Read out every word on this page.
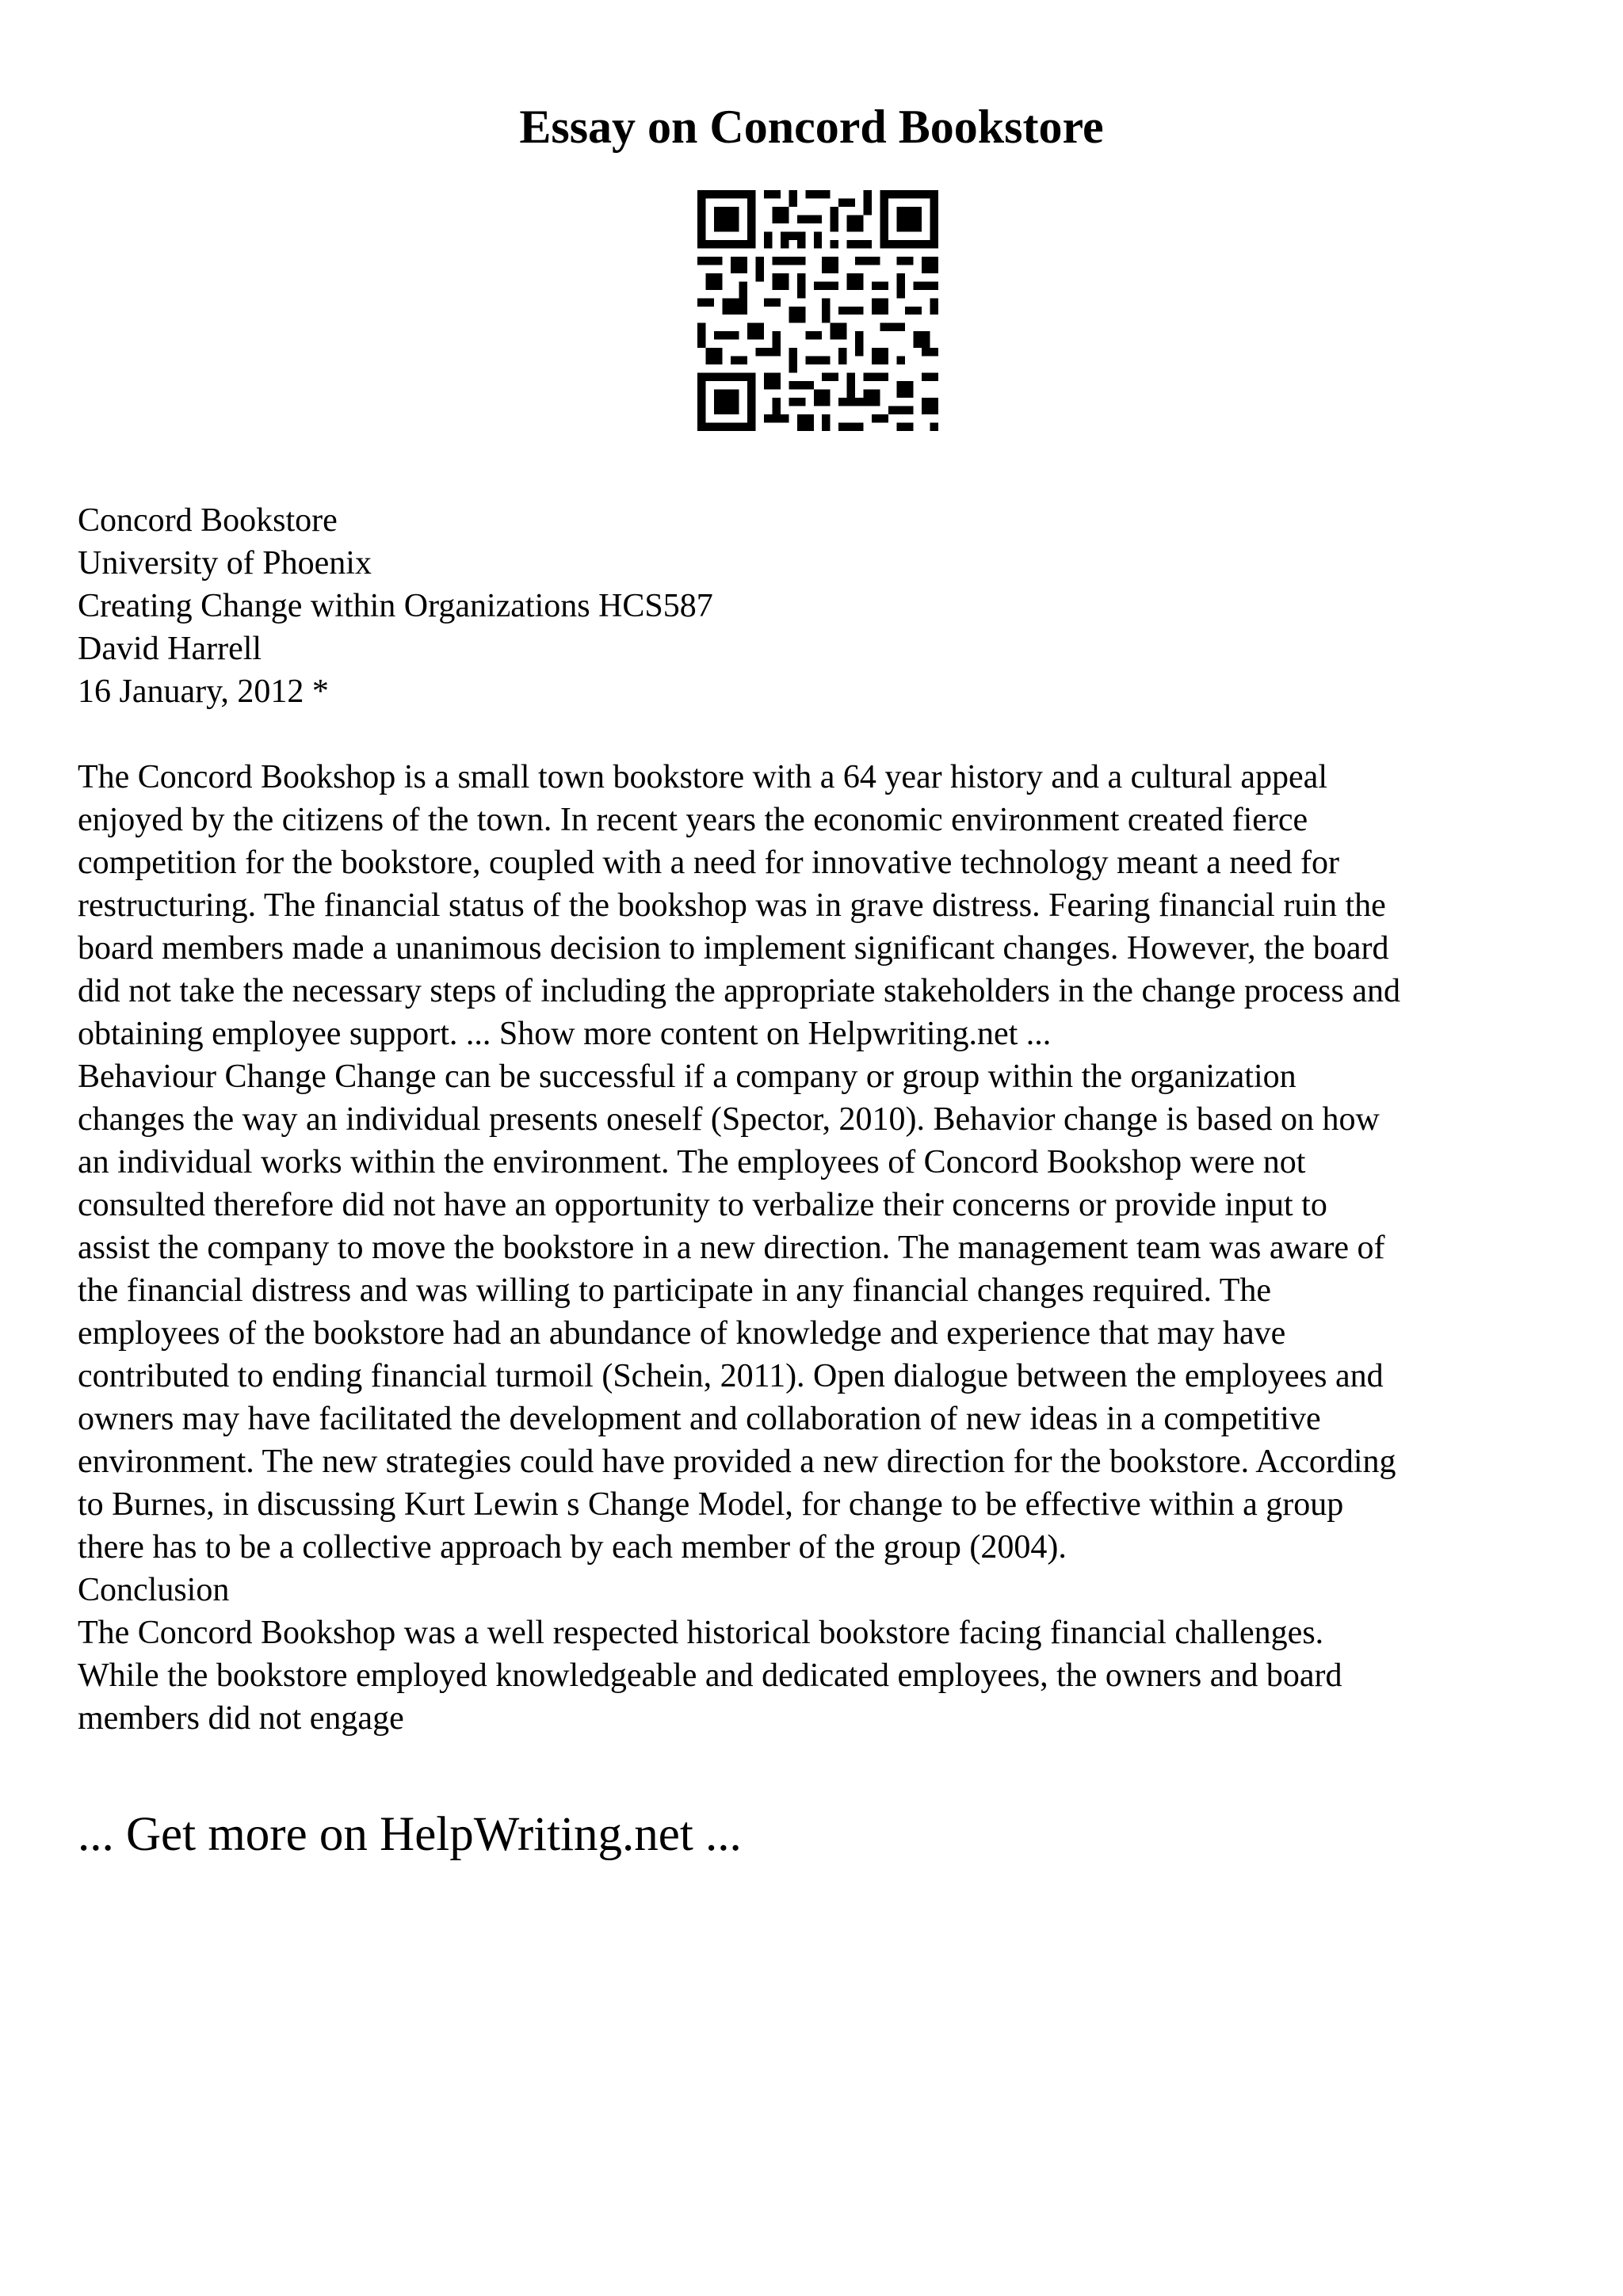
Essay on Concord Bookstore
Concord Bookstore
University of Phoenix
Creating Change within Organizations HCS587
David Harrell
16 January, 2012 *

The Concord Bookshop is a small town bookstore with a 64 year history and a cultural appeal
enjoyed by the citizens of the town. In recent years the economic environment created fierce
competition for the bookstore, coupled with a need for innovative technology meant a need for
restructuring. The financial status of the bookshop was in grave distress. Fearing financial ruin the
board members made a unanimous decision to implement significant changes. However, the board
did not take the necessary steps of including the appropriate stakeholders in the change process and
obtaining employee support. ... Show more content on Helpwriting.net ...

Behaviour Change Change can be successful if a company or group within the organization
changes the way an individual presents oneself (Spector, 2010). Behavior change is based on how
an individual works within the environment. The employees of Concord Bookshop were not
consulted therefore did not have an opportunity to verbalize their concerns or provide input to
assist the company to move the bookstore in a new direction. The management team was aware of
the financial distress and was willing to participate in any financial changes required. The
employees of the bookstore had an abundance of knowledge and experience that may have
contributed to ending financial turmoil (Schein, 2011). Open dialogue between the employees and
owners may have facilitated the development and collaboration of new ideas in a competitive
environment. The new strategies could have provided a new direction for the bookstore. According
to Burnes, in discussing Kurt Lewin s Change Model, for change to be effective within a group
there has to be a collective approach by each member of the group (2004).

Conclusion

The Concord Bookshop was a well respected historical bookstore facing financial challenges.
While the bookstore employed knowledgeable and dedicated employees, the owners and board
members did not engage

... Get more on HelpWriting.net ...
